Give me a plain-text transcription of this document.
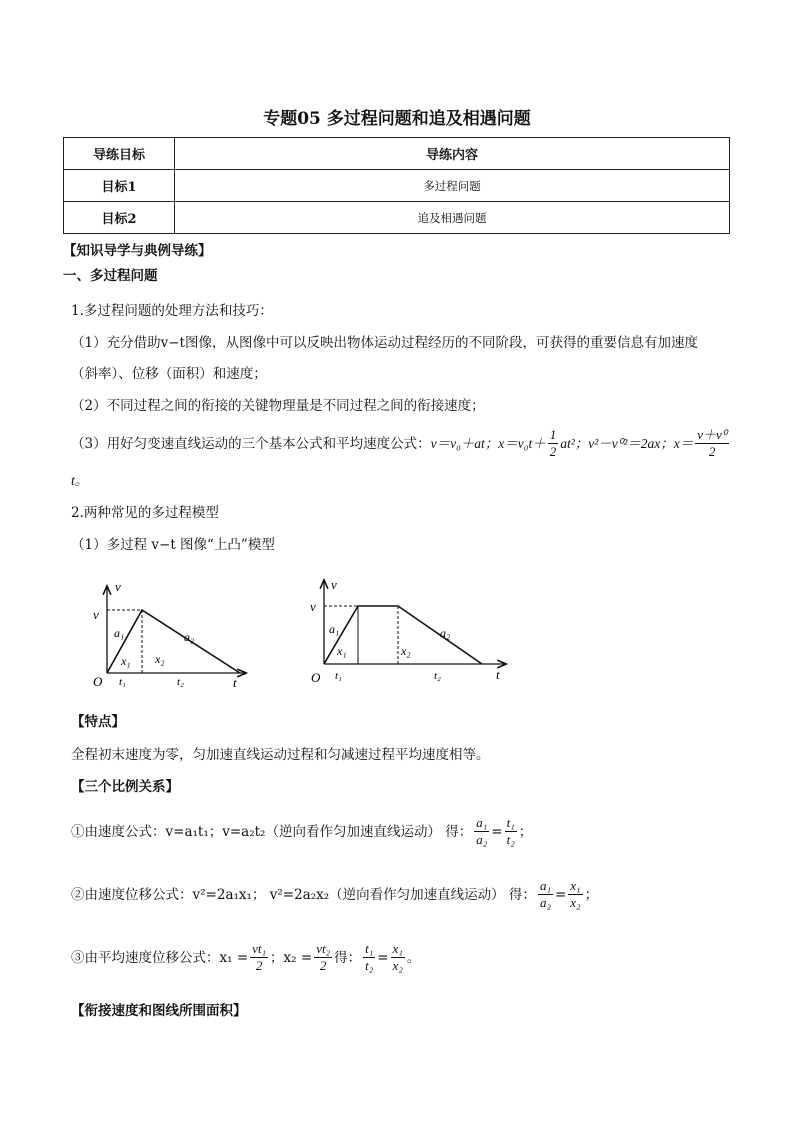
专题05 多过程问题和追及相遇问题
导练目标	导练内容
目标1	多过程问题
目标2	追及相遇问题
【知识导学与典例导练】
一、多过程问题
1.多过程问题的处理方法和技巧：
（1）充分借助v−t图像，从图像中可以反映出物体运动过程经历的不同阶段，可获得的重要信息有加速度
（斜率）、位移（面积）和速度；
（2）不同过程之间的衔接的关键物理量是不同过程之间的衔接速度；
（3）用好匀变速直线运动的三个基本公式和平均速度公式： v＝v₀＋at； $x=v_0t+ \frac{1}{2} at^2$；v²－v⁰²＝2ax；$x= \frac{\text{v＋v⁰}}{2}$
t。
2.两种常见的多过程模型
（1）多过程 v−t 图像“上凸”模型
v
v
a₁	a₂
x₁ x₂
O t₁	t₂	t
v
v
a₁	a₂
x₁	x₂
O t₁	t₂	t
【特点】
全程初末速度为零，匀加速直线运动过程和匀减速过程平均速度相等。
【三个比例关系】
①由速度公式：v=a₁t₁；v=a₂t₂（逆向看作匀加速直线运动） 得： $\frac{\text{a₁}}{\text{a₂}} = \frac{\text{t₁}}{\text{t₂}}$ ；
②由速度位移公式：v²=2a₁x₁； v²=2a₂x₂（逆向看作匀加速直线运动） 得： $\frac{\text{a₁}}{\text{a₂}} = \frac{\text{x₁}}{\text{x₂}}$ ；
③由平均速度位移公式：$x_1 = \frac{\text{vt₁}}{2}$ ；$x_2 = \frac{\text{vt₂}}{2}$ 得： $\frac{\text{t₁}}{\text{t₂}} = \frac{\text{x₁}}{\text{x₂}}$ 。
【衔接速度和图线所围面积】
